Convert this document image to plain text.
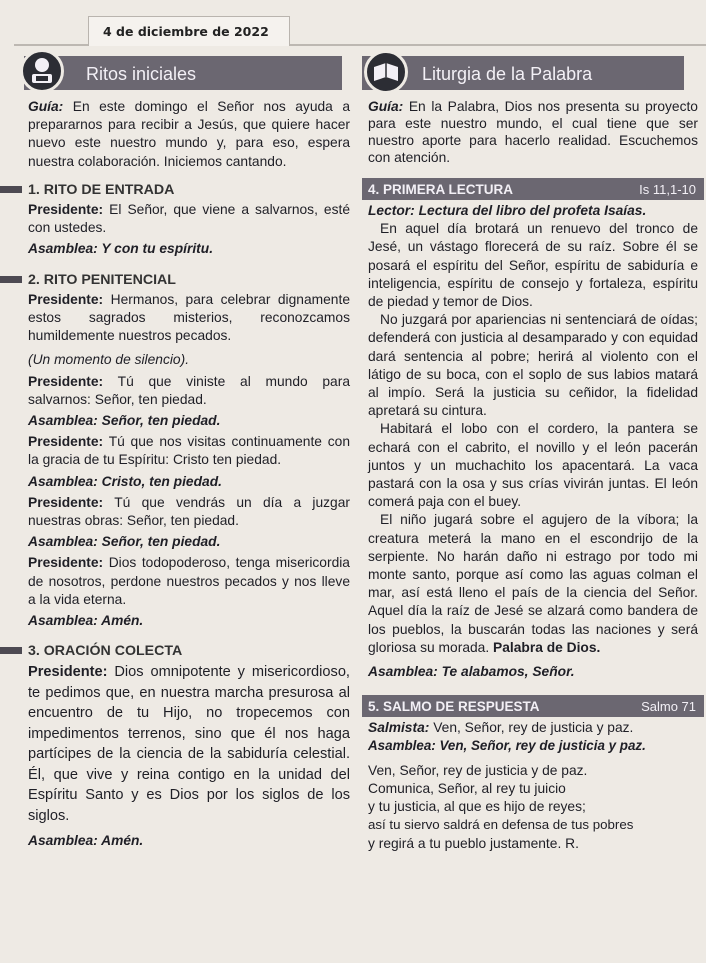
4 de diciembre de 2022
Ritos iniciales	Liturgia de la Palabra

Guía: En este domingo el Señor nos ayuda a prepararnos para recibir a Jesús, que quiere hacer nuevo este nuestro mundo y, para eso, espera nuestra colaboración. Iniciemos cantando.

1. RITO DE ENTRADA

Presidente: El Señor, que viene a salvarnos, esté con ustedes.

Asamblea: Y con tu espíritu.

2. RITO PENITENCIAL

Presidente: Hermanos, para celebrar dignamente estos sagrados misterios, reconozcamos humildemente nuestros pecados.

(Un momento de silencio).

Presidente: Tú que viniste al mundo para salvarnos: Señor, ten piedad.

Asamblea: Señor, ten piedad.

Presidente: Tú que nos visitas continuamente con la gracia de tu Espíritu: Cristo ten piedad.

Asamblea: Cristo, ten piedad.

Presidente: Tú que vendrás un día a juzgar nuestras obras: Señor, ten piedad.

Asamblea: Señor, ten piedad.

Presidente: Dios todopoderoso, tenga misericordia de nosotros, perdone nuestros pecados y nos lleve a la vida eterna.

Asamblea: Amén.

3. ORACIÓN COLECTA

Presidente: Dios omnipotente y misericordioso, te pedimos que, en nuestra marcha presurosa al encuentro de tu Hijo, no tropecemos con impedimentos terrenos, sino que él nos haga partícipes de la ciencia de la sabiduría celestial. Él, que vive y reina contigo en la unidad del Espíritu Santo y es Dios por los siglos de los siglos.

Asamblea: Amén.

Guía: En la Palabra, Dios nos presenta su proyecto para este nuestro mundo, el cual tiene que ser nuestro aporte para hacerlo realidad. Escuchemos con atención.

4. PRIMERA LECTURA	Is 11,1-10

Lector: Lectura del libro del profeta Isaías.

En aquel día brotará un renuevo del tronco de Jesé, un vástago florecerá de su raíz. Sobre él se posará el espíritu del Señor, espíritu de sabiduría e inteligencia, espíritu de consejo y fortaleza, espíritu de piedad y temor de Dios.

No juzgará por apariencias ni sentenciará de oídas; defenderá con justicia al desamparado y con equidad dará sentencia al pobre; herirá al violento con el látigo de su boca, con el soplo de sus labios matará al impío. Será la justicia su ceñidor, la fidelidad apretará su cintura.

Habitará el lobo con el cordero, la pantera se echará con el cabrito, el novillo y el león pacerán juntos y un muchachito los apacentará. La vaca pastará con la osa y sus crías vivirán juntas. El león comerá paja con el buey.

El niño jugará sobre el agujero de la víbora; la creatura meterá la mano en el escondrijo de la serpiente. No harán daño ni estrago por todo mi monte santo, porque así como las aguas colman el mar, así está lleno el país de la ciencia del Señor. Aquel día la raíz de Jesé se alzará como bandera de los pueblos, la buscarán todas las naciones y será gloriosa su morada. Palabra de Dios.

Asamblea: Te alabamos, Señor.

5. SALMO DE RESPUESTA	Salmo 71

Salmista: Ven, Señor, rey de justicia y paz.

Asamblea: Ven, Señor, rey de justicia y paz.

Ven, Señor, rey de justicia y de paz.

Comunica, Señor, al rey tu juicio

y tu justicia, al que es hijo de reyes;

así tu siervo saldrá en defensa de tus pobres

y regirá a tu pueblo justamente. R.
